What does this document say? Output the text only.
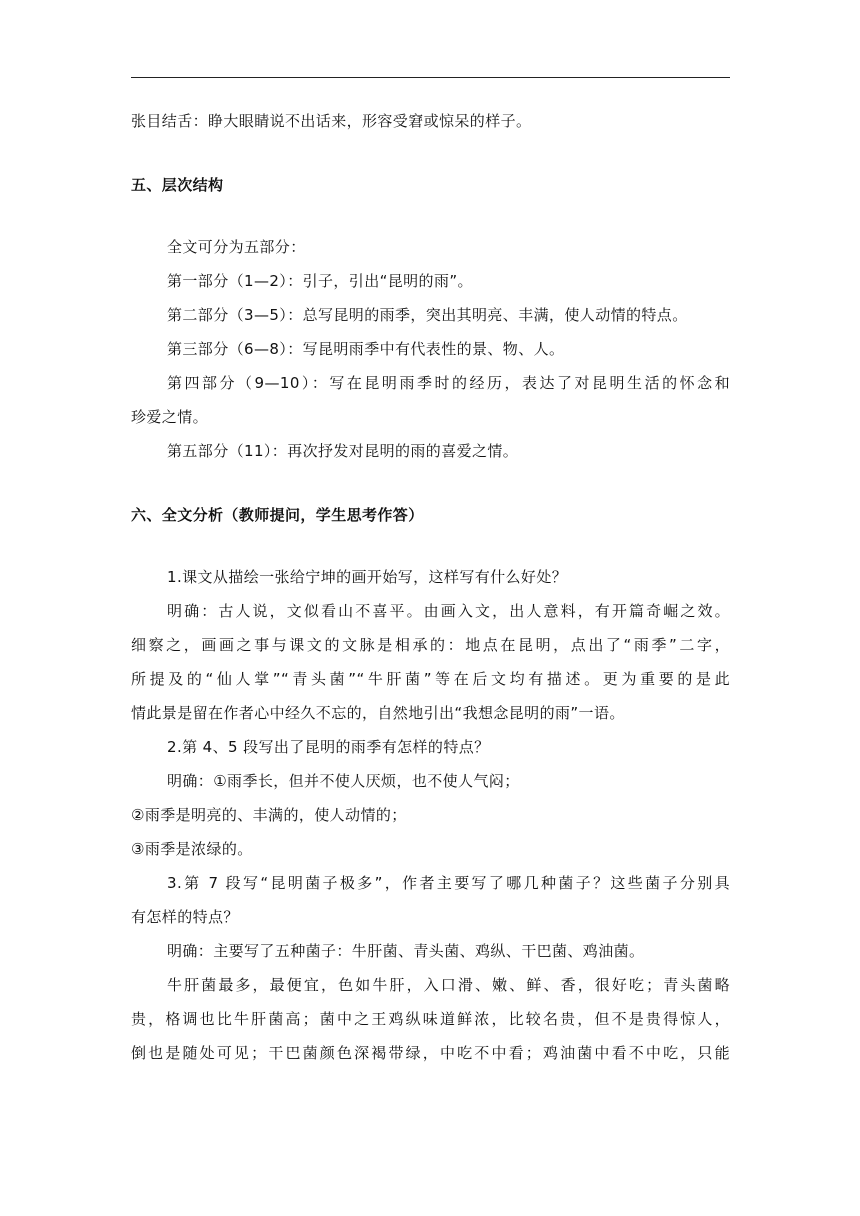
张目结舌：睁大眼睛说不出话来，形容受窘或惊呆的样子。
五、层次结构
全文可分为五部分：
第一部分（1—2）：引子，引出“昆明的雨”。
第二部分（3—5）：总写昆明的雨季，突出其明亮、丰满，使人动情的特点。
第三部分（6—8）：写昆明雨季中有代表性的景、物、人。
第四部分（9—10）：写在昆明雨季时的经历，表达了对昆明生活的怀念和
珍爱之情。
第五部分（11）：再次抒发对昆明的雨的喜爱之情。
六、全文分析（教师提问，学生思考作答）
1.课文从描绘一张给宁坤的画开始写，这样写有什么好处？
明确：古人说，文似看山不喜平。由画入文，出人意料，有开篇奇崛之效。
细察之，画画之事与课文的文脉是相承的：地点在昆明，点出了“雨季”二字，
所提及的“仙人掌”“青头菌”“牛肝菌”等在后文均有描述。更为重要的是此
情此景是留在作者心中经久不忘的，自然地引出“我想念昆明的雨”一语。
2.第 4、5 段写出了昆明的雨季有怎样的特点？
明确：①雨季长，但并不使人厌烦，也不使人气闷；
②雨季是明亮的、丰满的，使人动情的；
③雨季是浓绿的。
3.第 7 段写“昆明菌子极多”，作者主要写了哪几种菌子？这些菌子分别具
有怎样的特点？
明确：主要写了五种菌子：牛肝菌、青头菌、鸡纵、干巴菌、鸡油菌。
牛肝菌最多，最便宜，色如牛肝，入口滑、嫩、鲜、香，很好吃；青头菌略
贵，格调也比牛肝菌高；菌中之王鸡纵味道鲜浓，比较名贵，但不是贵得惊人，
倒也是随处可见；干巴菌颜色深褐带绿，中吃不中看；鸡油菌中看不中吃，只能
